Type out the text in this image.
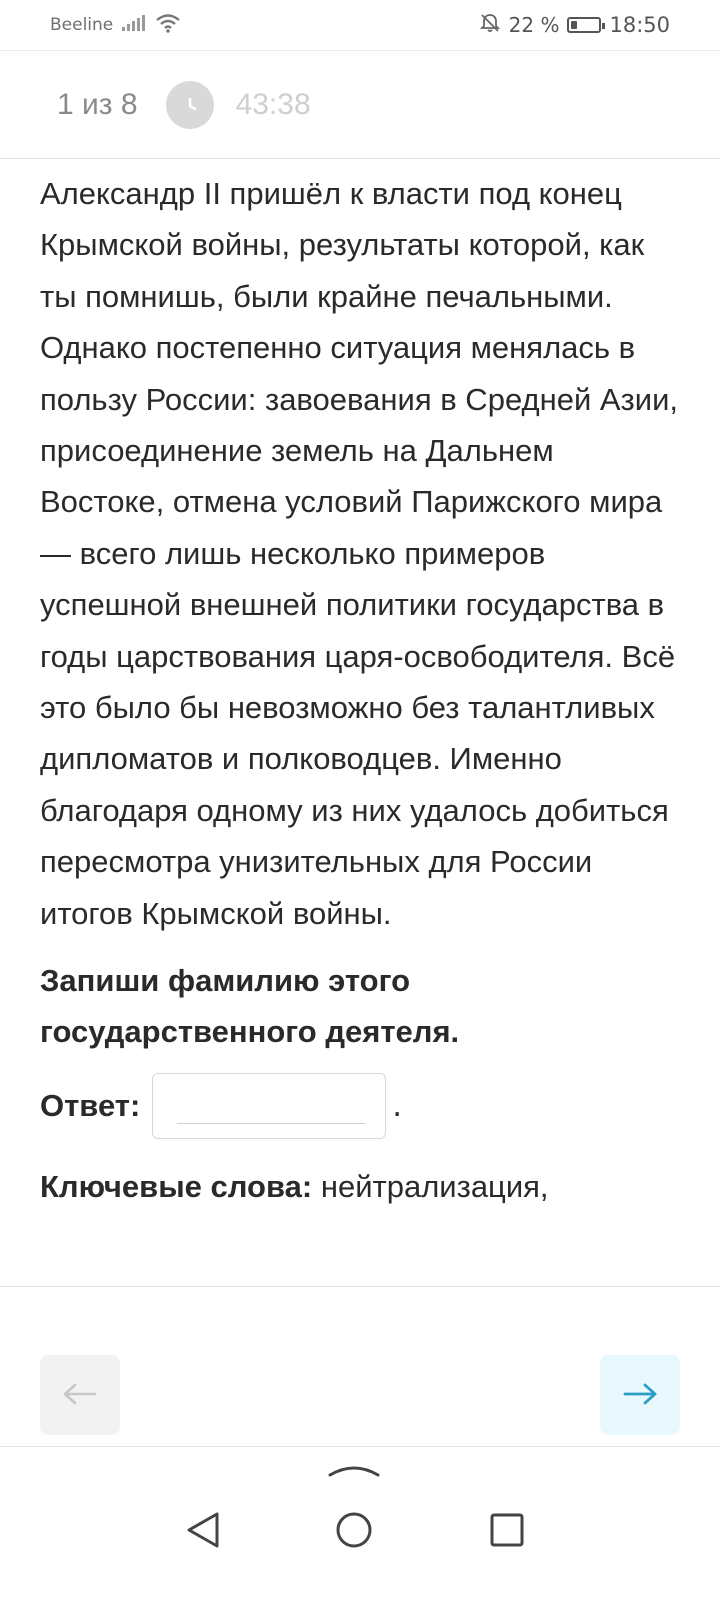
Beeline	22 % 18:50
1 из 8	43:38

Александр II пришёл к власти под конец Крымской войны, результаты которой, как ты помнишь, были крайне печальными. Однако постепенно ситуация менялась в пользу России: завоевания в Средней Азии, присоединение земель на Дальнем Востоке, отмена условий Парижского мира — всего лишь несколько примеров успешной внешней политики государства в годы царствования царя-освободителя. Всё это было бы невозможно без талантливых дипломатов и полководцев. Именно благодаря одному из них удалось добиться пересмотра унизительных для России итогов Крымской войны.

Запиши фамилию этого государственного деятеля.

Ответ:	.
Ключевые слова: нейтрализация,
